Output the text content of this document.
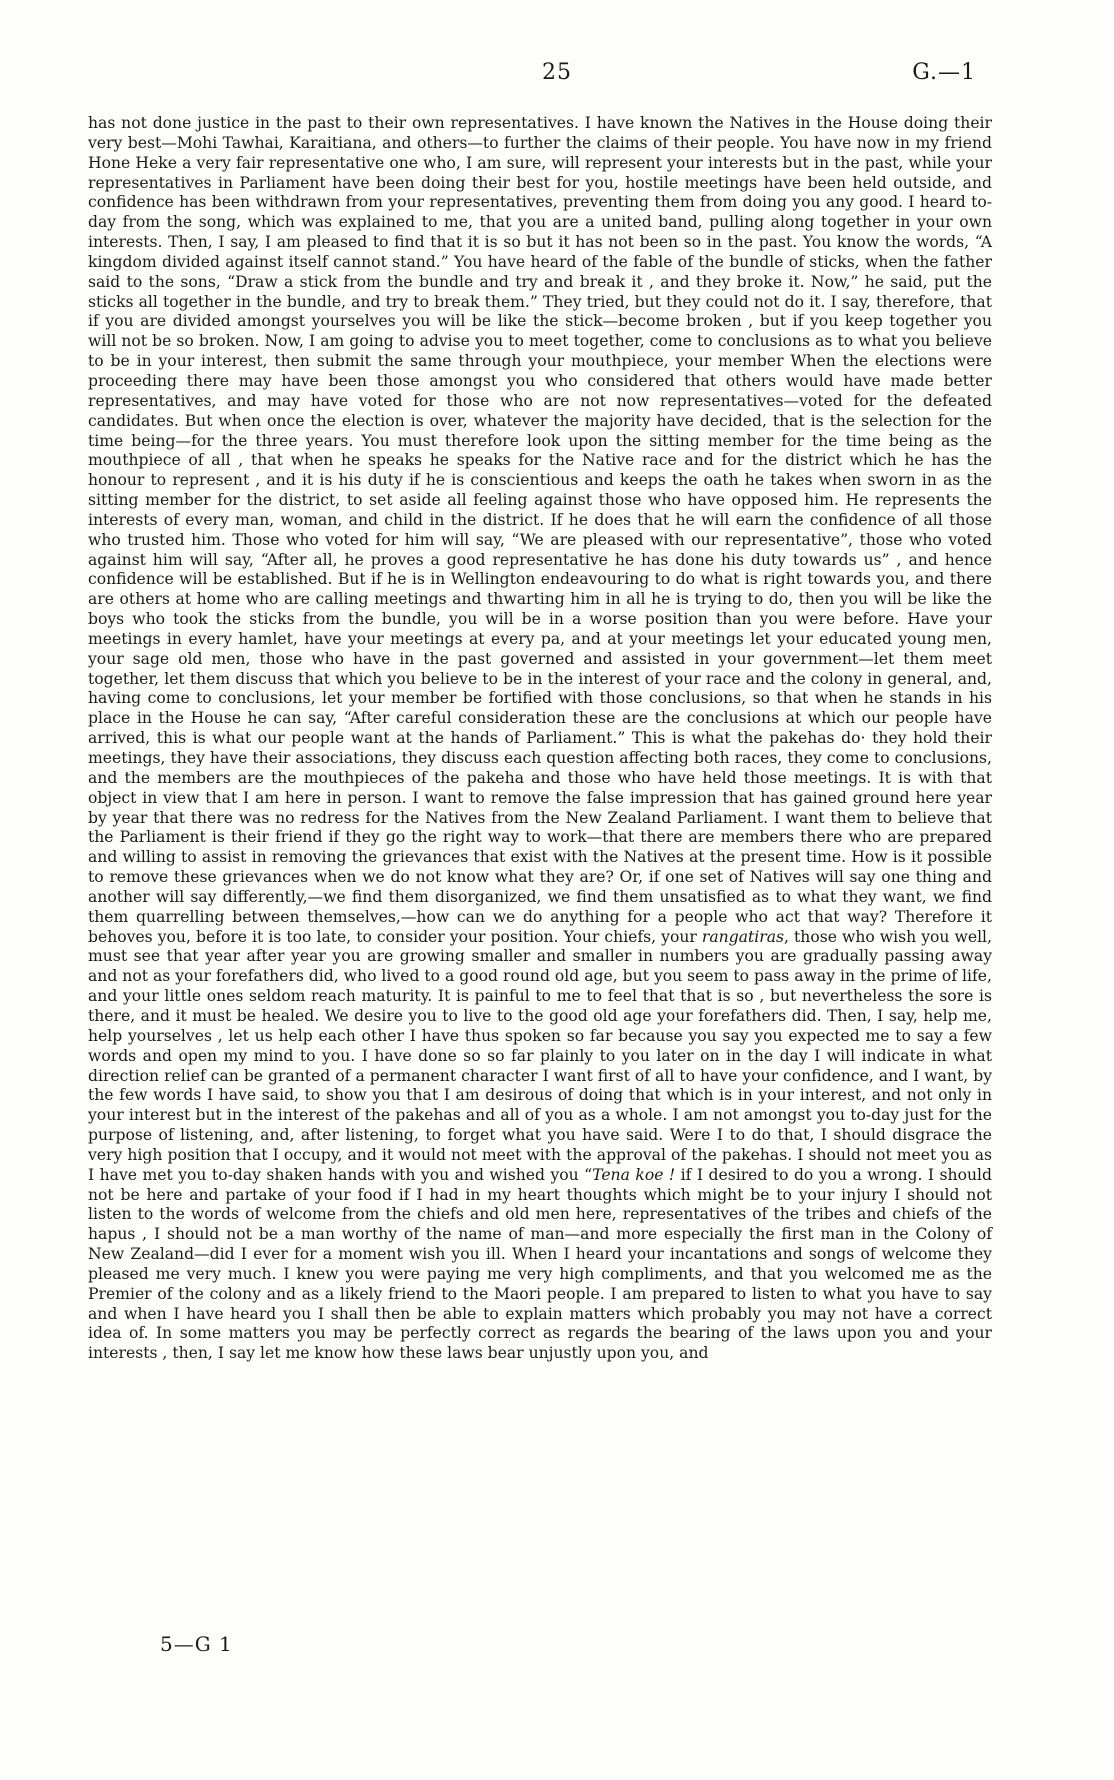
25	G.—1

has not done justice in the past to their own representatives. I have known the Natives in the House doing their very best—Mohi Tawhai, Karaitiana, and others—to further the claims of their people. You have now in my friend Hone Heke a very fair representative one who, I am sure, will represent your interests but in the past, while your representatives in Parliament have been doing their best for you, hostile meetings have been held outside, and confidence has been withdrawn from your representatives, preventing them from doing you any good. I heard to-day from the song, which was explained to me, that you are a united band, pulling along together in your own interests. Then, I say, I am pleased to find that it is so but it has not been so in the past. You know the words, “A kingdom divided against itself cannot stand.” You have heard of the fable of the bundle of sticks, when the father said to the sons, “Draw a stick from the bundle and try and break it , and they broke it. Now,” he said, put the sticks all together in the bundle, and try to break them.” They tried, but they could not do it. I say, therefore, that if you are divided amongst yourselves you will be like the stick—become broken , but if you keep together you will not be so broken. Now, I am going to advise you to meet together, come to conclusions as to what you believe to be in your interest, then submit the same through your mouthpiece, your member When the elections were proceeding there may have been those amongst you who considered that others would have made better representatives, and may have voted for those who are not now representatives—voted for the defeated candidates. But when once the election is over, whatever the majority have decided, that is the selection for the time being—for the three years. You must therefore look upon the sitting member for the time being as the mouthpiece of all , that when he speaks he speaks for the Native race and for the district which he has the honour to represent , and it is his duty if he is conscientious and keeps the oath he takes when sworn in as the sitting member for the district, to set aside all feeling against those who have opposed him. He represents the interests of every man, woman, and child in the district. If he does that he will earn the confidence of all those who trusted him. Those who voted for him will say, “We are pleased with our representative”, those who voted against him will say, “After all, he proves a good representative he has done his duty towards us” , and hence confidence will be established. But if he is in Wellington endeavouring to do what is right towards you, and there are others at home who are calling meetings and thwarting him in all he is trying to do, then you will be like the boys who took the sticks from the bundle, you will be in a worse position than you were before. Have your meetings in every hamlet, have your meetings at every pa, and at your meetings let your educated young men, your sage old men, those who have in the past governed and assisted in your government—let them meet together, let them discuss that which you believe to be in the interest of your race and the colony in general, and, having come to conclusions, let your member be fortified with those conclusions, so that when he stands in his place in the House he can say, “After careful consideration these are the conclusions at which our people have arrived, this is what our people want at the hands of Parliament.” This is what the pakehas do· they hold their meetings, they have their associations, they discuss each question affecting both races, they come to conclusions, and the members are the mouthpieces of the pakeha and those who have held those meetings. It is with that object in view that I am here in person. I want to remove the false impression that has gained ground here year by year that there was no redress for the Natives from the New Zealand Parliament. I want them to believe that the Parliament is their friend if they go the right way to work—that there are members there who are prepared and willing to assist in removing the grievances that exist with the Natives at the present time. How is it possible to remove these grievances when we do not know what they are? Or, if one set of Natives will say one thing and another will say differently,—we find them disorganized, we find them unsatisfied as to what they want, we find them quarrelling between themselves,—how can we do anything for a people who act that way? Therefore it behoves you, before it is too late, to consider your position. Your chiefs, your rangatiras, those who wish you well, must see that year after year you are growing smaller and smaller in numbers you are gradually passing away and not as your forefathers did, who lived to a good round old age, but you seem to pass away in the prime of life, and your little ones seldom reach maturity. It is painful to me to feel that that is so , but nevertheless the sore is there, and it must be healed. We desire you to live to the good old age your forefathers did. Then, I say, help me, help yourselves , let us help each other I have thus spoken so far because you say you expected me to say a few words and open my mind to you. I have done so so far plainly to you later on in the day I will indicate in what direction relief can be granted of a permanent character I want first of all to have your confidence, and I want, by the few words I have said, to show you that I am desirous of doing that which is in your interest, and not only in your interest but in the interest of the pakehas and all of you as a whole. I am not amongst you to-day just for the purpose of listening, and, after listening, to forget what you have said. Were I to do that, I should disgrace the very high position that I occupy, and it would not meet with the approval of the pakehas. I should not meet you as I have met you to-day shaken hands with you and wished you “Tena koe ! if I desired to do you a wrong. I should not be here and partake of your food if I had in my heart thoughts which might be to your injury I should not listen to the words of welcome from the chiefs and old men here, representatives of the tribes and chiefs of the hapus , I should not be a man worthy of the name of man—and more especially the first man in the Colony of New Zealand—did I ever for a moment wish you ill. When I heard your incantations and songs of welcome they pleased me very much. I knew you were paying me very high compliments, and that you welcomed me as the Premier of the colony and as a likely friend to the Maori people. I am prepared to listen to what you have to say and when I have heard you I shall then be able to explain matters which probably you may not have a correct idea of. In some matters you may be perfectly correct as regards the bearing of the laws upon you and your interests , then, I say let me know how these laws bear unjustly upon you, and

5—G 1
